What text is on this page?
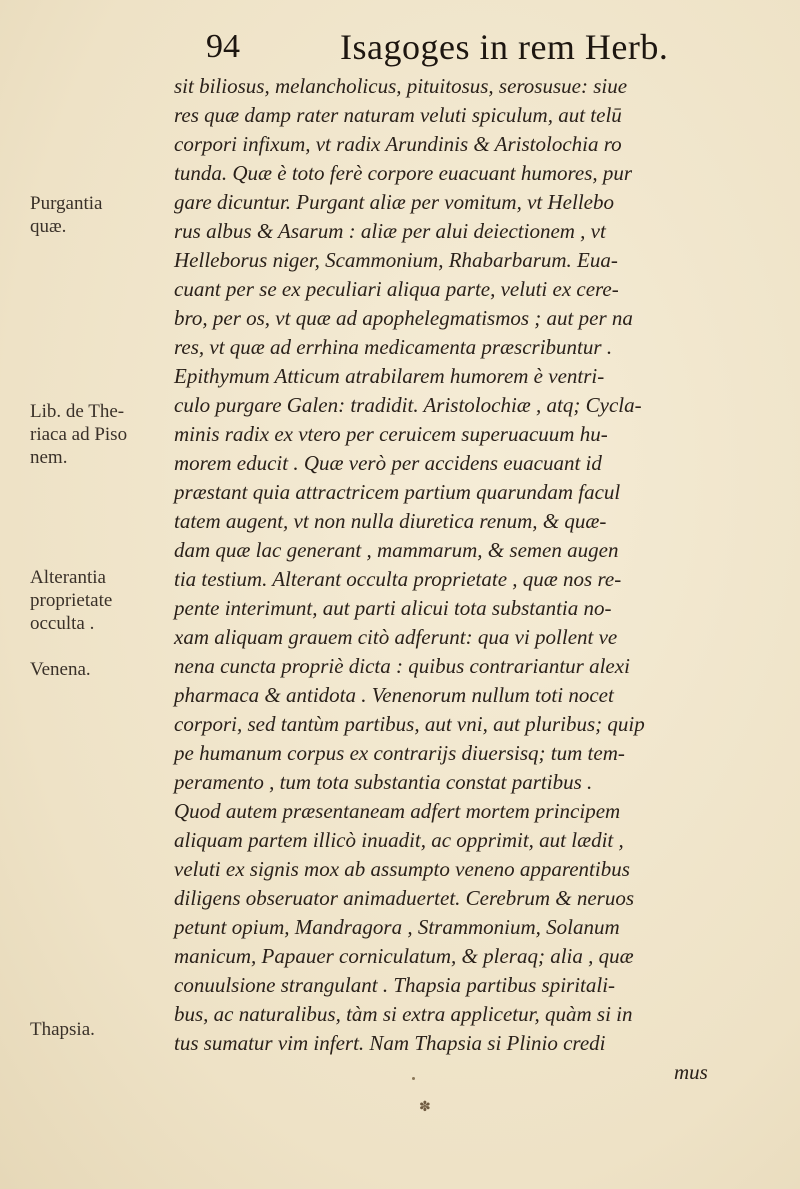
94	Isagoges in rem Herb.
sit biliosus, melancholicus, pituitosus, serosusue: siue
res quæ damp rater naturam veluti spiculum, aut telū
corpori infixum, vt radix Arundinis & Aristolochia ro
tunda. Quæ è toto ferè corpore euacuant humores, pur
gare dicuntur. Purgant aliæ per vomitum, vt Hellebo
rus albus & Asarum : aliæ per alui deiectionem , vt
Helleborus niger, Scammonium, Rhabarbarum. Eua-
cuant per se ex peculiari aliqua parte, veluti ex cere-
bro, per os, vt quæ ad apophelegmatismos ; aut per na
res, vt quæ ad errhina medicamenta præscribuntur .
Epithymum Atticum atrabilarem humorem è ventri-
culo purgare Galen: tradidit. Aristolochiæ , atq; Cycla-
minis radix ex vtero per ceruicem superuacuum hu-
morem educit . Quæ verò per accidens euacuant id
præstant quia attractricem partium quarundam facul
tatem augent, vt non nulla diuretica renum, & quæ-
dam quæ lac generant , mammarum, & semen augen
tia testium. Alterant occulta proprietate , quæ nos re-
pente interimunt, aut parti alicui tota substantia no-
xam aliquam grauem citò adferunt: qua vi pollent ve
nena cuncta propriè dicta : quibus contrariantur alexi
pharmaca & antidota . Venenorum nullum toti nocet
corpori, sed tantùm partibus, aut vni, aut pluribus; quip
pe humanum corpus ex contrarijs diuersisq; tum tem-
peramento , tum tota substantia constat partibus .
Quod autem præsentaneam adfert mortem principem
aliquam partem illicò inuadit, ac opprimit, aut lædit ,
veluti ex signis mox ab assumpto veneno apparentibus
diligens obseruator animaduertet. Cerebrum & neruos
petunt opium, Mandragora , Strammonium, Solanum
manicum, Papauer corniculatum, & pleraq; alia , quæ
conuulsione strangulant . Thapsia partibus spiritali-
bus, ac naturalibus, tàm si extra applicetur, quàm si in
tus sumatur vim infert. Nam Thapsia si Plinio credi
mus
Purgantia
quæ.
Lib. de The-
riaca ad Piso
nem.
Alterantia
proprietate
occulta .
Venena.
Thapsia.
✽
